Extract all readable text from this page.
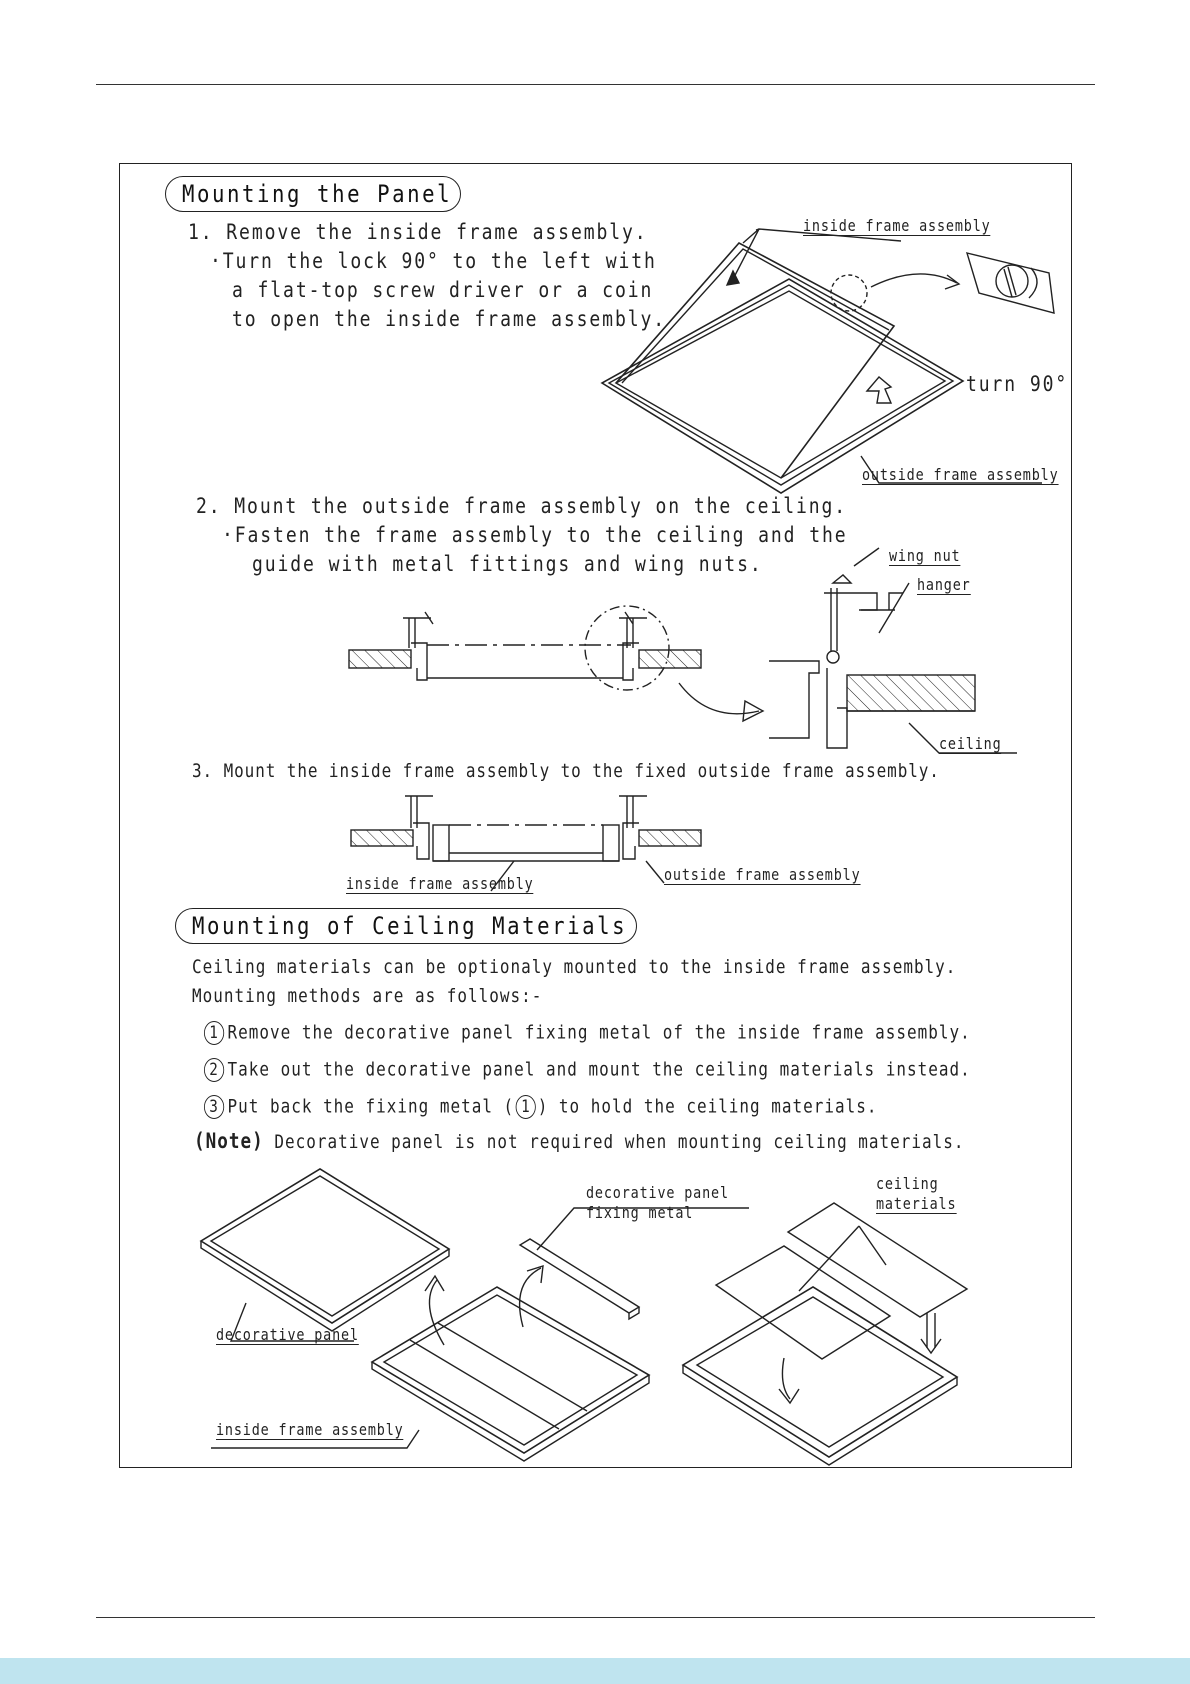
Mounting the Panel
1. Remove the inside frame assembly.
·Turn the lock 90° to the left with
a flat-top screw driver or a coin
to open the inside frame assembly.
inside frame assembly
turn 90°
outside frame assembly
2. Mount the outside frame assembly on the ceiling.
·Fasten the frame assembly to the ceiling and the
guide with metal fittings and wing nuts.	wing nut
hanger
ceiling
3. Mount the inside frame assembly to the fixed outside frame assembly.
inside frame assembly	outside frame assembly
Mounting of Ceiling Materials
Ceiling materials can be optionaly mounted to the inside frame assembly.
Mounting methods are as follows:-
1 Remove the decorative panel fixing metal of the inside frame assembly.
2 Take out the decorative panel and mount the ceiling materials instead.
3 Put back the fixing metal ( 1 ) to hold the ceiling materials.
(Note) Decorative panel is not required when mounting ceiling materials.
decorative panel
decorative panel
fixing metal
ceiling
materials
inside frame assembly
